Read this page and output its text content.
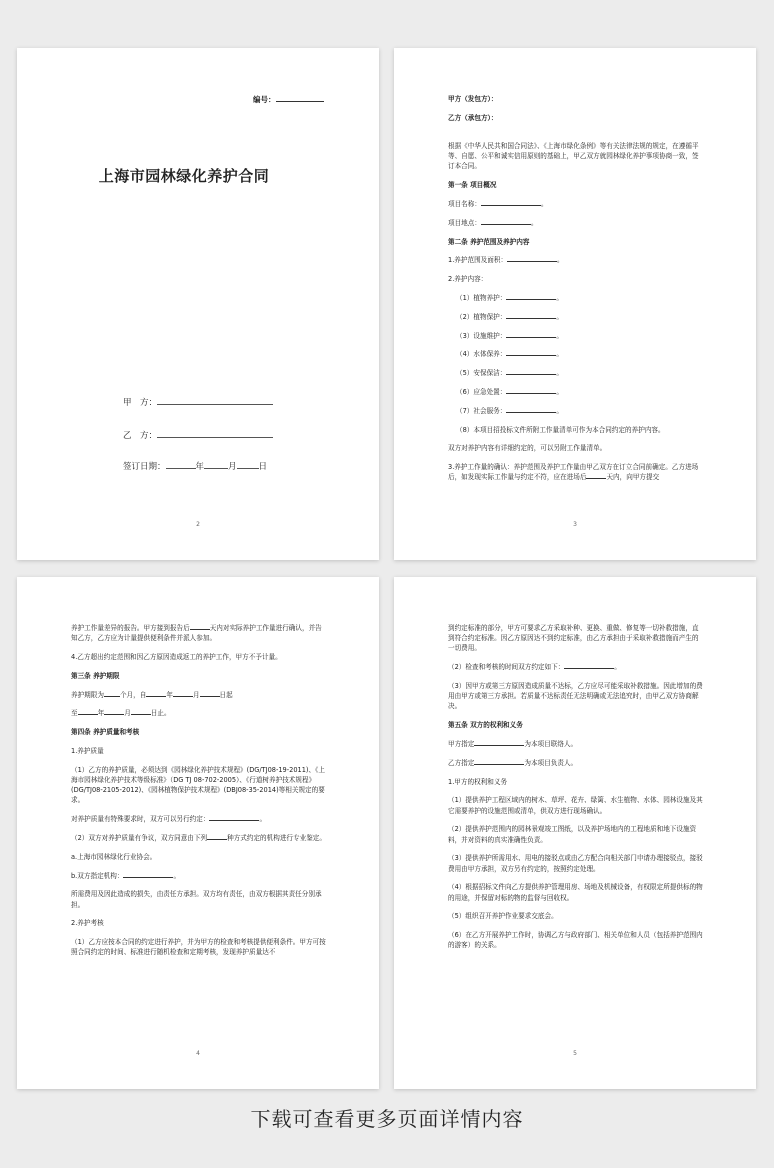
编号：
上海市园林绿化养护合同
甲　方：
乙　方：
签订日期：	年	月	日
2

甲方（发包方）：

乙方（承包方）：

根据《中华人民共和国合同法》、《上海市绿化条例》等有关法律法规的规定，在遵循平等、自愿、公平和诚实信用原则的基础上，甲乙双方就园林绿化养护事项协商一致，签订本合同。

第一条 项目概况

项目名称：	。

项目地点：	。

第二条 养护范围及养护内容

1.养护范围及面积：	。

2.养护内容：

（1）植物养护：	。

（2）植物保护：	。

（3）设施维护：	。

（4）水体保养：	。

（5）安保保洁：	。

（6）应急处置：	。

（7）社会服务：	。

（8）本项目招投标文件所附工作量清单可作为本合同约定的养护内容。

双方对养护内容有详细约定的，可以另附工作量清单。

3.养护工作量的确认：养护范围及养护工作量由甲乙双方在订立合同前确定。乙方进场后，如发现实际工作量与约定不符，应在进场后	天内，向甲方提交

3

养护工作量差异的报告。甲方接到报告后	天内对实际养护工作量进行确认，并告知乙方，乙方应为计量提供便利条件并派人参加。

4.乙方超出约定范围和因乙方原因造成返工的养护工作，甲方不予计量。

第三条 养护期限

养护期限为 个月，自	年	月	日起

至	年	月	日止。

第四条 养护质量和考核

1.养护质量

（1）乙方的养护质量，必须达到《园林绿化养护技术规程》(DG/TJ08-19-2011)、《上海市园林绿化养护技术等级标准》（DG TJ 08-702-2005）、《行道树养护技术规程》(DG/TJ08-2105-2012)、《园林植物保护技术规程》(DBJ08-35-2014)等相关规定的要求。

对养护质量有特殊要求时，双方可以另行约定：	。

（2）双方对养护质量有争议，双方同意由下列	种方式约定的机构进行专业鉴定。

a.上海市园林绿化行业协会。

b.双方指定机构：	。

所需费用及因此造成的损失，由责任方承担。双方均有责任，由双方根据其责任分别承担。

2.养护考核

（1）乙方应按本合同的约定进行养护，并为甲方的检查和考核提供便利条件。甲方可按照合同约定的时间、标准进行随机检查和定期考核，发现养护质量达不

4

到约定标准的部分，甲方可要求乙方采取补种、更换、重做、修复等一切补救措施，直到符合约定标准。因乙方原因达不到约定标准，由乙方承担由于采取补救措施而产生的一切费用。

（2）检查和考核的时间双方约定如下：	。

（3）因甲方或第三方原因造成质量不达标，乙方应尽可能采取补救措施。因此增加的费用由甲方或第三方承担。若质量不达标责任无法明确或无法追究时，由甲乙双方协商解决。

第五条 双方的权利和义务

甲方指定	为本项目联络人。

乙方指定	为本项目负责人。

1.甲方的权利和义务

（1）提供养护工程区域内的树木、草坪、花卉、绿篱、水生植物、水体、园林设施及其它需要养护的设施范围或清单，供双方进行现场确认。

（2）提供养护范围内的园林景观竣工图纸，以及养护场地内的工程地质和地下设施资料，并对资料的真实准确性负责。

（3）提供养护所需用水、用电的接驳点或由乙方配合向相关部门申请办理接驳点，接驳费用由甲方承担，双方另有约定的，按照约定处理。

（4）根据招标文件向乙方提供养护管理用房、场地及机械设备，有权限定所提供标的物的用途，并保留对标的物的监督与回收权。

（5）组织召开养护作业要求交底会。

（6）在乙方开展养护工作时，协调乙方与政府部门、相关单位和人员（包括养护范围内的游客）的关系。

5
下载可查看更多页面详情内容
